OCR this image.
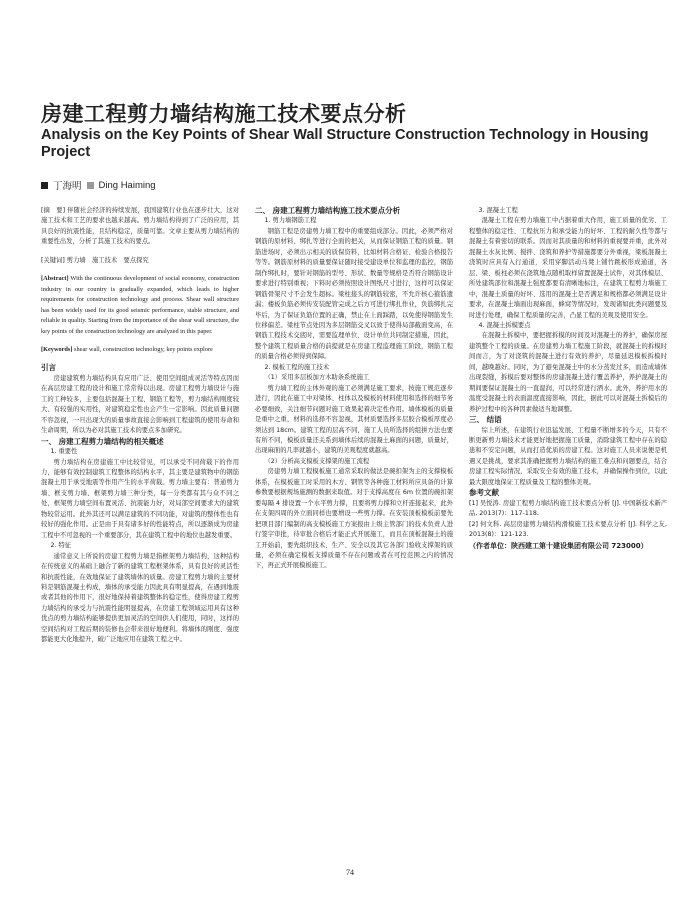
房建工程剪力墙结构施工技术要点分析
Analysis on the Key Points of Shear Wall Structure Construction Technology in Housing Project
丁海明 Ding Haiming

[摘　要] 伴随社会经济的持续发展，我国建筑行业也在逐步壮大，这对施工技术和工艺的要求也越来越高。剪力墙结构得到了广泛的应用，其具良好的抗震性能，且结构稳定，质量可靠。文章主要从剪力墙结构的重要性出发，分析了其施工技术的要点。

[关键词] 剪力墙　施工技术　要点探究

[Abstract] With the continuous development of social economy, construction industry in our country is gradually expanded, which leads to higher requirements for construction technology and process. Shear wall structure has been widely used for its good seismic performance, stable structure, and reliable in quality. Starting from the importance of the shear wall structure, the key points of the construction technology are analyzed in this paper.

[Keywords] shear wall, construction technology, key points explore

引言

房建建筑剪力墙结构具有应用广泛、使用空间组成灵活等特点因而在高层房建工程的设计和施工常常得以出现。房建工程剪力墙设计与施工的工种较多，主要包括混凝土工程、钢筋工程等，剪力墙结构刚度较大、有较强的实用性，对建筑稳定性也会产生一定影响。因此质量问题不容忽视，一旦出现大的质量事故直接会影响到工程建筑的使用寿命和生命周期，所以为必对其施工技术的要点多加研究。

一、 房建工程剪力墙结构的相关概述

1. 重要性

剪力墙结构在房建施工中比较常见，可以承受不同荷载下的作用力，能够有效控制建筑工程整体的结构水平，其主要是建筑物中的钢筋混凝土用于承受地震等作用产生的水平荷载。剪力墙主要有：普通剪力墙、框支剪力墙、框架剪力墙三种分类，每一分类都有其与众不同之处，框架剪力墙空间布置灵活、抗震能力好，对局部空间要求大的建筑物较常运用。此外其还可以满足建筑的不同功能，对建筑的整体性也有较好的强化作用。正是由于具有诸多好的性能特点，所以逐渐成为房建工程中不可忽视的一个重要部分，其在建筑工程中的地位也越发重要。

2. 特征

通常意义上所说的房建工程剪力墙是指框架剪力墙结构，这种结构在传统意义的基础上融合了新的建筑工程框架体系，具有良好的灵活性和抗震性能，在效地保证了建筑墙体的质量。房建工程剪力墙的主要材料是钢筋混凝土构成，墙体的承受能力因此具有明显提高，在遇到地震或者其他的作用下，很好地保持着建筑整体的稳定性，使得房建工程剪力墙结构的承受力与抗震性能明显提高，在房建工程领域运用具有这种优点的剪力墙结构能够提供更加灵活的空间供人们使用，同时，这样的空间结构对工程后期的装修也会带来很好地便利。将墙体的刚度、强度都能更大化地提升，破广泛地应用在建筑工程之中。

二、 房建工程剪力墙结构施工技术要点分析

1. 剪力墙钢筋工程

钢筋工程是房建剪力墙工程中的重要组成部分。因此，必须严格对钢筋的原材料、绑扎等进行全面的把关，从而保证钢筋工程的质量。钢筋进场时，必须出示相关的质保资料，比如材料合格证、检验合格报告等等。钢筋原材料的质量要保证随时接受建设单位和监理的监控，钢筋制作绑扎时，要针对钢筋的型号、形状、数量等规格是否符合钢筋设计要求进行特别重视；下料时必须按照设计图纸尺寸进行，这样可以保证钢筋骨架尺寸不会发生超标。梁柱接头的钢筋较密，不允许核心箍筋遗漏；楼板负筋必须传安装配管完成之后方可进行绑扎作业，负筋绑扎完毕后，为了保证负筋位置的正确，禁止在上面踩踏，以免使得钢筋发生位移偏差。梁柱节点处因为多层钢筋交叉以致于使得局部截面变高，在钢筋工程技术交底时，需要监理单位、设计单位共同制定措施，因此，整个建筑工程质量合格的前提就是在房建工程监理施工阶段，钢筋工程的质量合格必须得到保障。

2. 模板工程的施工技术

（1）采用多层板加方木助条系统施工

剪力墙工程的主体外观的施工必须满足施工要求，按施工规范逐步进行，因此在施工中对梁体、柱体以及模板的材料使用和选择的细节务必要细致，关注细节问题对施工效果起着决定性作用。墙体模板的质量是重中之重，材料的选择不容忽视，其材质要选择多层胶合模板厚度必须达到 18cm。建筑工程的层高不同，施工人员所选择的组拼方法也要有所不同，模板质量还关系到墙体后续的混凝土麻面的问题，质量好，出现麻面的几率就越小，建筑的美观程度就越高。

（2）分析高支模板支撑架的施工流程

房建剪力墙工程模板施工通常采取的做法是碗扣架为主的支撑模板体系，在模板施工时采用的木方、钢管等各种施工材料所应具备的计算参数要根据规场施测的数据来取值。对于支撑高度在 6m 位置的碗扣架要每隔 4 排设置一个水平剪力撑，且要将剪力撑和立杆连接起来，此外在支架四周的外立面同样也要增设一些剪力撑。在安装顶板模板前要先把项目部门编制的高支模板施工方案报由上级主管部门的技术负责人进行签字审批，待审批合格后才能正式开展施工，而且在顶板混凝土的施工开始前，要先组织技术、生产、安全以及其它各部门验收支撑架的质量，必须在确定模板支撑质量不存在问题或者在可控范围之内的情况下，再正式开展模板施工。

3. 混凝土工程

混凝土工程在剪力墙施工中占据着重大作用，施工质量的优劣、工程整体的稳定性、工程抗压力和承受能力的好坏、工程的耐久性等都与混凝土有着密切的联系。因而对其质量的和材料的重视要并重，此外对混凝土水灰比例、搅拌、浇筑和养护等措施都要分外重视，梁板混凝土浇筑时应具有入行通道，采用穿脚活动马凳上铺竹跳板形成通道，各层、梁、板柱必须在浇筑地点随机取样留置混凝土试件，对其体模层、所处建筑部位和混凝土强度都要有清晰地标注，在建筑工程剪力墙施工中，混凝土质量的好坏、选用的混凝土是否满足和规格都必须满足设计要求，在混凝土墙面出现麻面，蜂窝等情况时，发现诸如此类问题要及时进行处理，确保工程质量的完善，凸显工程的美观及使用安全。

4. 混凝土拆模要点

在混凝土拆模中，要把握拆模的时间及对混凝土的养护，确保房屋建筑整个工程的质量。在房建剪力墙工程施工阶段，就混凝土的拆模时间而言，为了对浇筑的混凝土进行有效的养护，尽量延迟模板拆模时间，越晚越好。同时，为了避免混凝土中的水分蒸发过多，而造成墙体出现裂缝，拆模后要对整体的房建混凝土进行覆盖养护，养护混凝土的期间要保证混凝土的一直湿润，可以经常进行洒水。此外，养护用水的温度受混凝土的表面温度直接影响，因此，据此可以对混凝土拆模后的养护过程中的各种因素做适当地调整。

三、 结语

综上所述，在建筑行业迅猛发展、工程量不断增多的今天，只有不断更新剪力墙技术才能更好地把握施工质量，消除建筑工程中存在的隐患和不安定问题，从而打造优质的房建工程。这对施工人员来说便是机遇又是挑战，要求其准确把握剪力墙结构的施工难点和问题要点，结合房建工程实际情况，采取安全有效的施工技术，并确保操作到位，以此最大限度地保证工程质量及工程的整体美观。

参考文献

[1] 吴悦涛. 房建工程剪力墙结构施工技术要点分析 [J]. 中国新技术新产品, 2013(7)：117-118.

[2] 何文科. 高层房建剪力墙结构滑模施工技术要点分析 [J]. 科学之友, 2013(8)：121-123.

（作者单位：陕西建工第十建设集团有限公司 723000）

74
